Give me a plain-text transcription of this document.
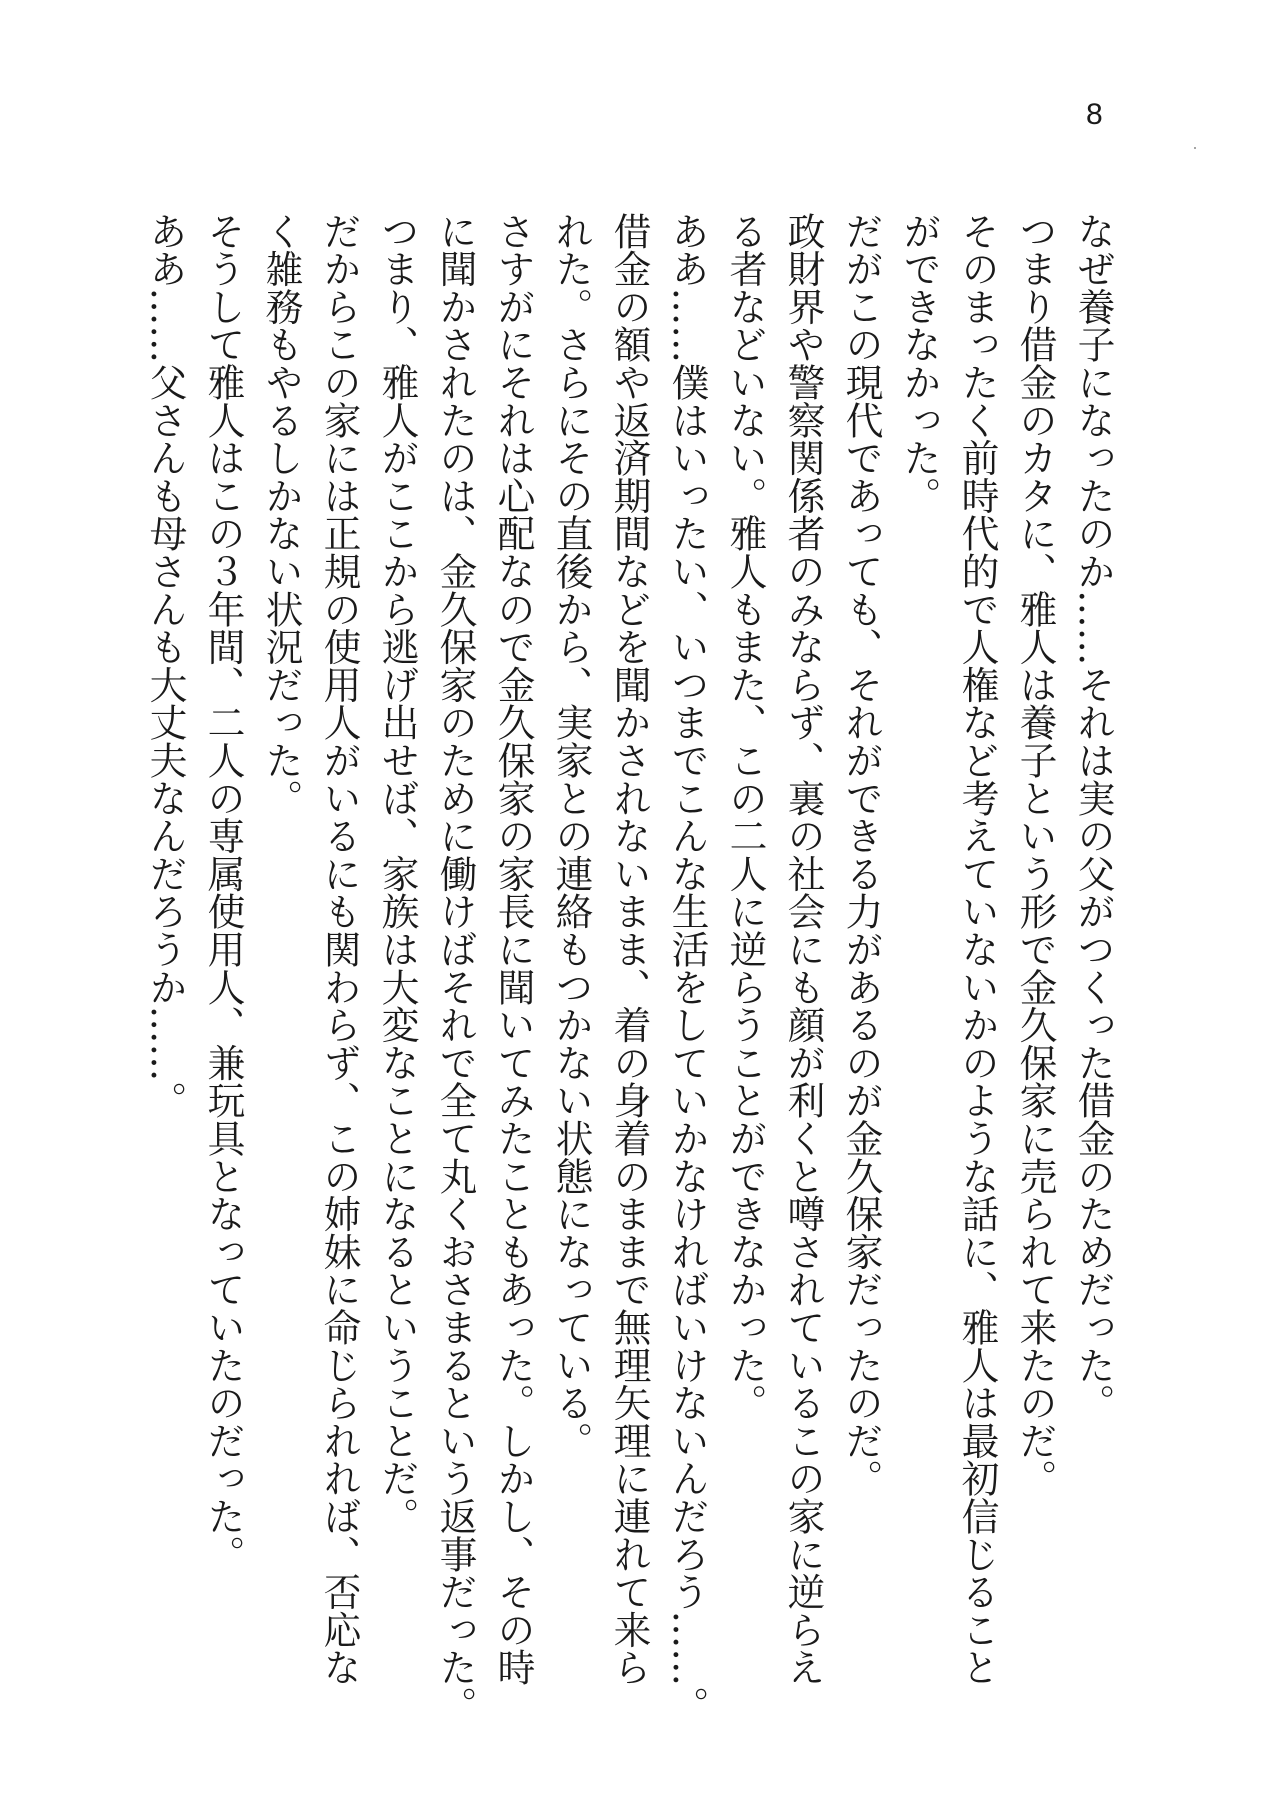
8
なぜ養子になったのか……それは実の父がつくった借金のためだった。
つまり借金のカタに、雅人は養子という形で金久保家に売られて来たのだ。
そのまったく前時代的で人権など考えていないかのような話に、雅人は最初信じること
ができなかった。
だがこの現代であっても、それができる力があるのが金久保家だったのだ。
政財界や警察関係者のみならず、裏の社会にも顔が利くと噂されているこの家に逆らえ
る者などいない。雅人もまた、この二人に逆らうことができなかった。
ああ……僕はいったい、いつまでこんな生活をしていかなければいけないんだろう……。
借金の額や返済期間などを聞かされないまま、着の身着のままで無理矢理に連れて来ら
れた。さらにその直後から、実家との連絡もつかない状態になっている。
さすがにそれは心配なので金久保家の家長に聞いてみたこともあった。しかし、その時
に聞かされたのは、金久保家のために働けばそれで全て丸くおさまるという返事だった。
つまり、雅人がここから逃げ出せば、家族は大変なことになるということだ。
だからこの家には正規の使用人がいるにも関わらず、この姉妹に命じられれば、否応な
く雑務もやるしかない状況だった。
そうして雅人はこの３年間、二人の専属使用人、兼玩具となっていたのだった。
ああ……父さんも母さんも大丈夫なんだろうか……。
